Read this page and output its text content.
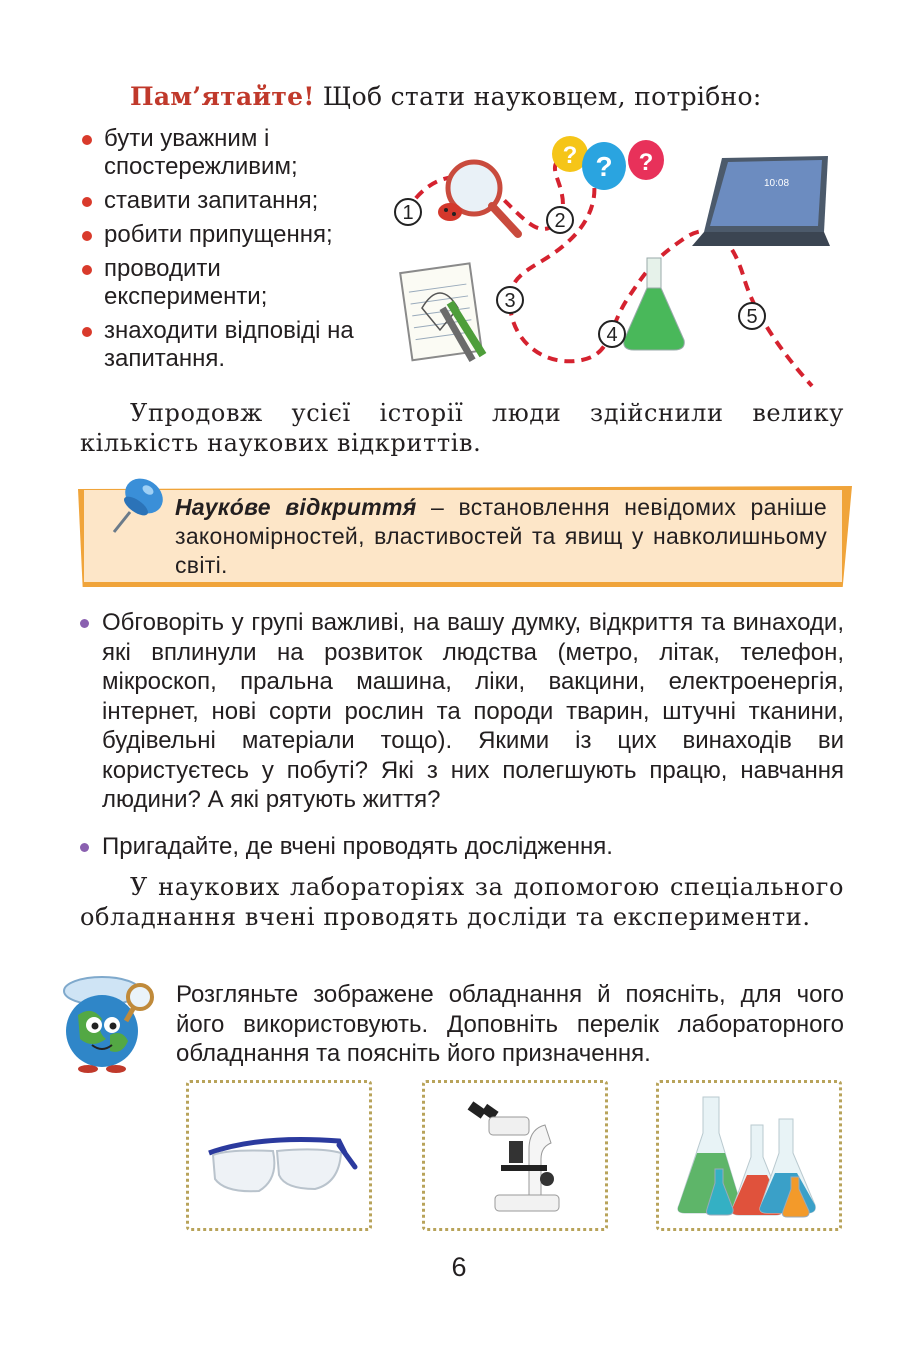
Пам’ятайте! Щоб стати науковцем, потрібно:
бути уважним і спостережливим;
ставити запитання;
робити припущення;
проводити експерименти;
знаходити відповіді на запитання.
? ? ?
10:08
1	2
3
4
5
Упродовж усієї історії люди здійснили велику кількість наукових відкриттів.
Науко́ве відкриття́ – встановлення невідомих раніше закономірностей, властивостей та явищ у навколишньому світі.
Обговоріть у групі важливі, на вашу думку, відкриття та винаходи, які вплинули на розвиток людства (метро, літак, телефон, мікроскоп, пральна машина, ліки, вакцини, електроенергія, інтернет, нові сорти рослин та породи тварин, штучні тканини, будівельні матеріали тощо). Якими із цих винаходів ви користуєтесь у побуті? Які з них полегшують працю, навчання людини? А які рятують життя?
Пригадайте, де вчені проводять дослідження.
У наукових лабораторіях за допомогою спеціального обладнання вчені проводять досліди та експерименти.
Розгляньте зображене обладнання й поясніть, для чого його використовують. Доповніть перелік лабораторного обладнання та поясніть його призначення.
6
